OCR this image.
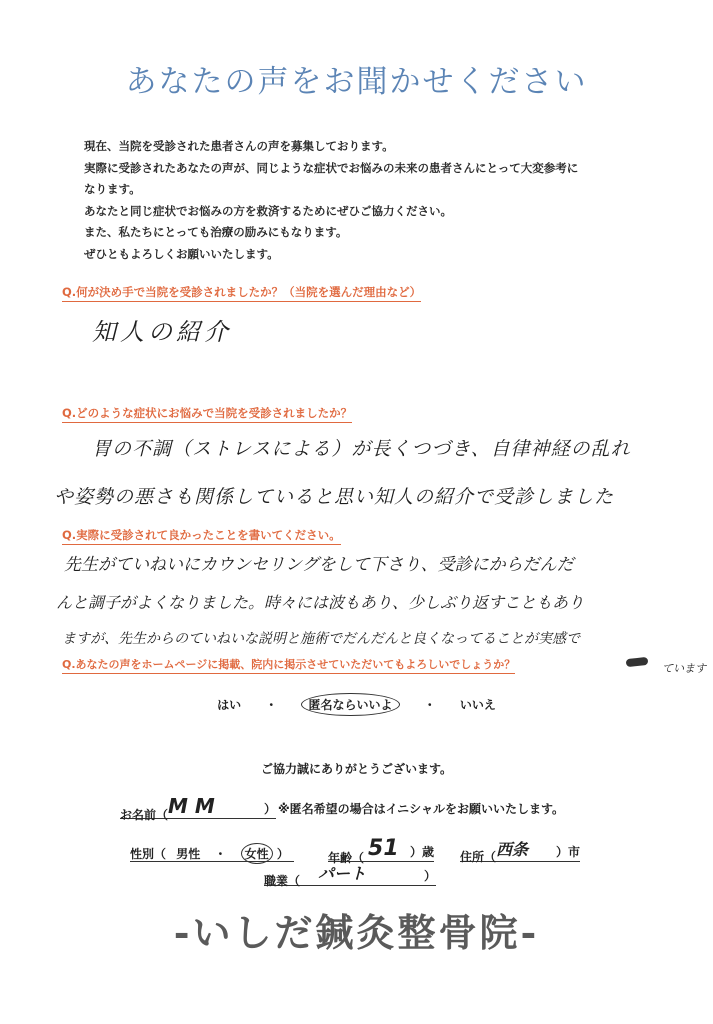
あなたの声をお聞かせください
現在、当院を受診された患者さんの声を募集しております。
実際に受診されたあなたの声が、同じような症状でお悩みの未来の患者さんにとって大変参考に
なります。
あなたと同じ症状でお悩みの方を救済するためにぜひご協力ください。
また、私たちにとっても治療の励みにもなります。
ぜひともよろしくお願いいたします。
Q.何が決め手で当院を受診されましたか？（当院を選んだ理由など）
知人の紹介
Q.どのような症状にお悩みで当院を受診されましたか？
胃の不調（ストレスによる）が長くつづき、自律神経の乱れ
や姿勢の悪さも関係していると思い知人の紹介で受診しました
Q.実際に受診されて良かったことを書いてください。
先生がていねいにカウンセリングをして下さり、受診にからだんだ
んと調子がよくなりました。時々には波もあり、少しぶり返すこともあり
ますが、先生からのていねいな説明と施術でだんだんと良くなってることが実感で
ています
Q.あなたの声をホームページに掲載、院内に掲示させていただいてもよろしいでしょうか？
はい ・	匿名ならいいよ	・ いいえ
ご協力誠にありがとうございます。
お名前（M M	） ※匿名希望の場合はイニシャルをお願いいたします。
性別（ 男性 ・ 女性 ）	年齢（ 51 ）歳 住所（西条 ）市
職業（ パート	）
-いしだ鍼灸整骨院-
